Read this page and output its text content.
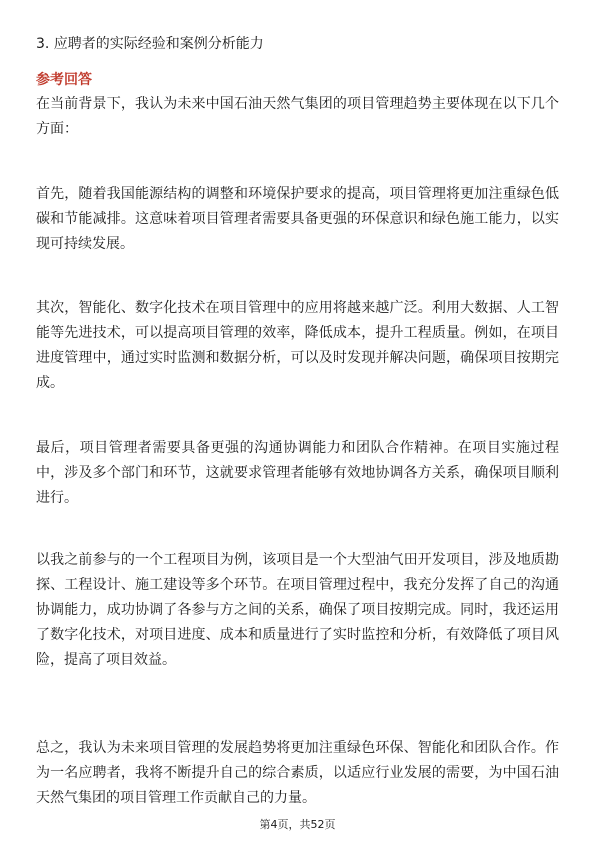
3. 应聘者的实际经验和案例分析能力

参考回答

在当前背景下，我认为未来中国石油天然气集团的项目管理趋势主要体现在以下几个方面：

首先，随着我国能源结构的调整和环境保护要求的提高，项目管理将更加注重绿色低碳和节能减排。这意味着项目管理者需要具备更强的环保意识和绿色施工能力，以实现可持续发展。

其次，智能化、数字化技术在项目管理中的应用将越来越广泛。利用大数据、人工智能等先进技术，可以提高项目管理的效率，降低成本，提升工程质量。例如，在项目进度管理中，通过实时监测和数据分析，可以及时发现并解决问题，确保项目按期完成。

最后，项目管理者需要具备更强的沟通协调能力和团队合作精神。在项目实施过程中，涉及多个部门和环节，这就要求管理者能够有效地协调各方关系，确保项目顺利进行。

以我之前参与的一个工程项目为例，该项目是一个大型油气田开发项目，涉及地质勘探、工程设计、施工建设等多个环节。在项目管理过程中，我充分发挥了自己的沟通协调能力，成功协调了各参与方之间的关系，确保了项目按期完成。同时，我还运用了数字化技术，对项目进度、成本和质量进行了实时监控和分析，有效降低了项目风险，提高了项目效益。

总之，我认为未来项目管理的发展趋势将更加注重绿色环保、智能化和团队合作。作为一名应聘者，我将不断提升自己的综合素质，以适应行业发展的需要，为中国石油天然气集团的项目管理工作贡献自己的力量。

第4页，共52页
